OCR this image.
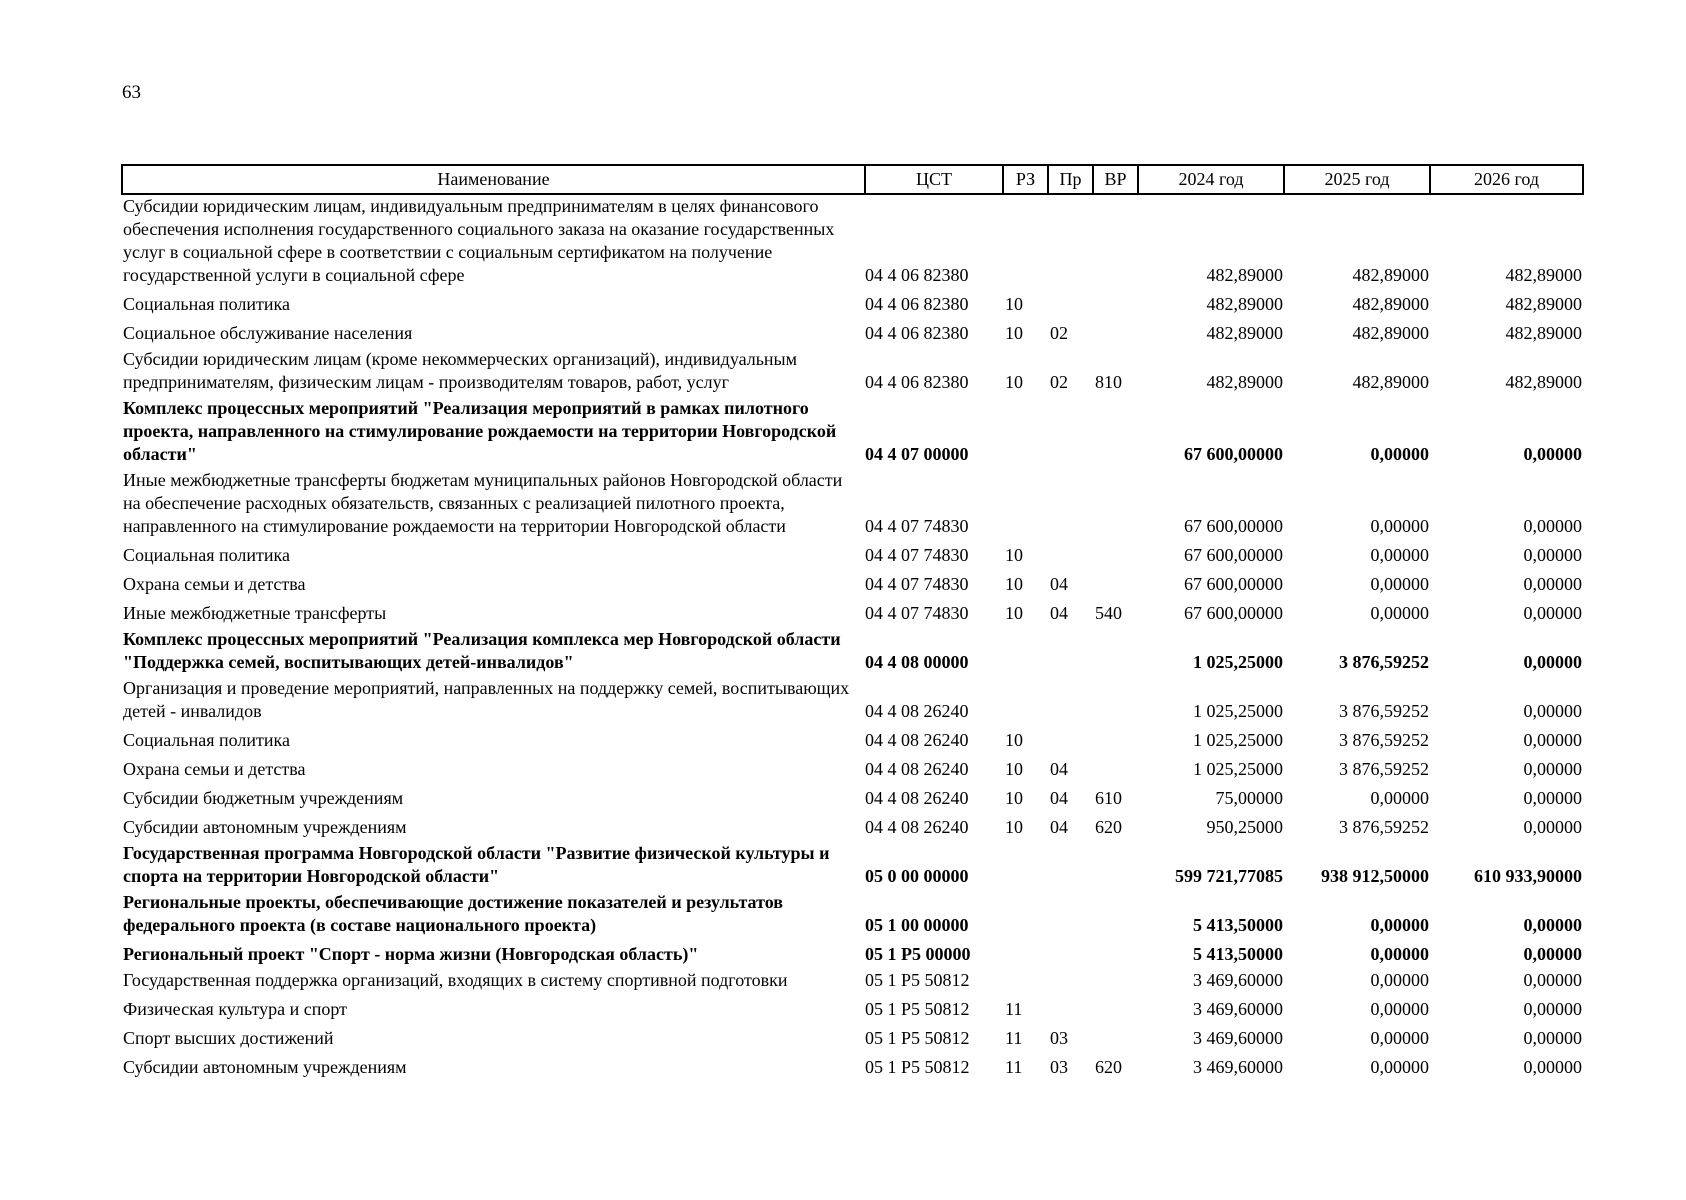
63
Наименование	ЦСТ	РЗ	Пр	ВР	2024 год	2025 год	2026 год
Субсидии юридическим лицам, индивидуальным предпринимателям в целях финансового обеспечения исполнения государственного социального заказа на оказание государственных услуг в социальной сфере в соответствии с социальным сертификатом на получение государственной услуги в социальной сфере	04 4 06 82380				482,89000	482,89000	482,89000
Социальная политика	04 4 06 82380	10			482,89000	482,89000	482,89000
Социальное обслуживание населения	04 4 06 82380	10	02		482,89000	482,89000	482,89000
Субсидии юридическим лицам (кроме некоммерческих организаций), индивидуальным предпринимателям, физическим лицам - производителям товаров, работ, услуг	04 4 06 82380	10	02	810	482,89000	482,89000	482,89000
Комплекс процессных мероприятий "Реализация мероприятий в рамках пилотного проекта, направленного на стимулирование рождаемости на территории Новгородской области"	04 4 07 00000				67 600,00000	0,00000	0,00000
Иные межбюджетные трансферты бюджетам муниципальных районов Новгородской области на обеспечение расходных обязательств, связанных с реализацией пилотного проекта, направленного на стимулирование рождаемости на территории Новгородской области	04 4 07 74830				67 600,00000	0,00000	0,00000
Социальная политика	04 4 07 74830	10			67 600,00000	0,00000	0,00000
Охрана семьи и детства	04 4 07 74830	10	04		67 600,00000	0,00000	0,00000
Иные межбюджетные трансферты	04 4 07 74830	10	04	540	67 600,00000	0,00000	0,00000
Комплекс процессных мероприятий "Реализация комплекса мер Новгородской области "Поддержка семей, воспитывающих детей-инвалидов"	04 4 08 00000				1 025,25000	3 876,59252	0,00000
Организация и проведение мероприятий, направленных на поддержку семей, воспитывающих детей - инвалидов	04 4 08 26240				1 025,25000	3 876,59252	0,00000
Социальная политика	04 4 08 26240	10			1 025,25000	3 876,59252	0,00000
Охрана семьи и детства	04 4 08 26240	10	04		1 025,25000	3 876,59252	0,00000
Субсидии бюджетным учреждениям	04 4 08 26240	10	04	610	75,00000	0,00000	0,00000
Субсидии автономным учреждениям	04 4 08 26240	10	04	620	950,25000	3 876,59252	0,00000
Государственная программа Новгородской области "Развитие физической культуры и спорта на территории Новгородской области"	05 0 00 00000				599 721,77085	938 912,50000	610 933,90000
Региональные проекты, обеспечивающие достижение показателей и результатов федерального проекта (в составе национального проекта)	05 1 00 00000				5 413,50000	0,00000	0,00000
Региональный проект "Спорт - норма жизни (Новгородская область)"	05 1 Р5 00000				5 413,50000	0,00000	0,00000
Государственная поддержка организаций, входящих в систему спортивной подготовки	05 1 Р5 50812				3 469,60000	0,00000	0,00000
Физическая культура и спорт	05 1 Р5 50812	11			3 469,60000	0,00000	0,00000
Спорт высших достижений	05 1 Р5 50812	11	03		3 469,60000	0,00000	0,00000
Субсидии автономным учреждениям	05 1 Р5 50812	11	03	620	3 469,60000	0,00000	0,00000
